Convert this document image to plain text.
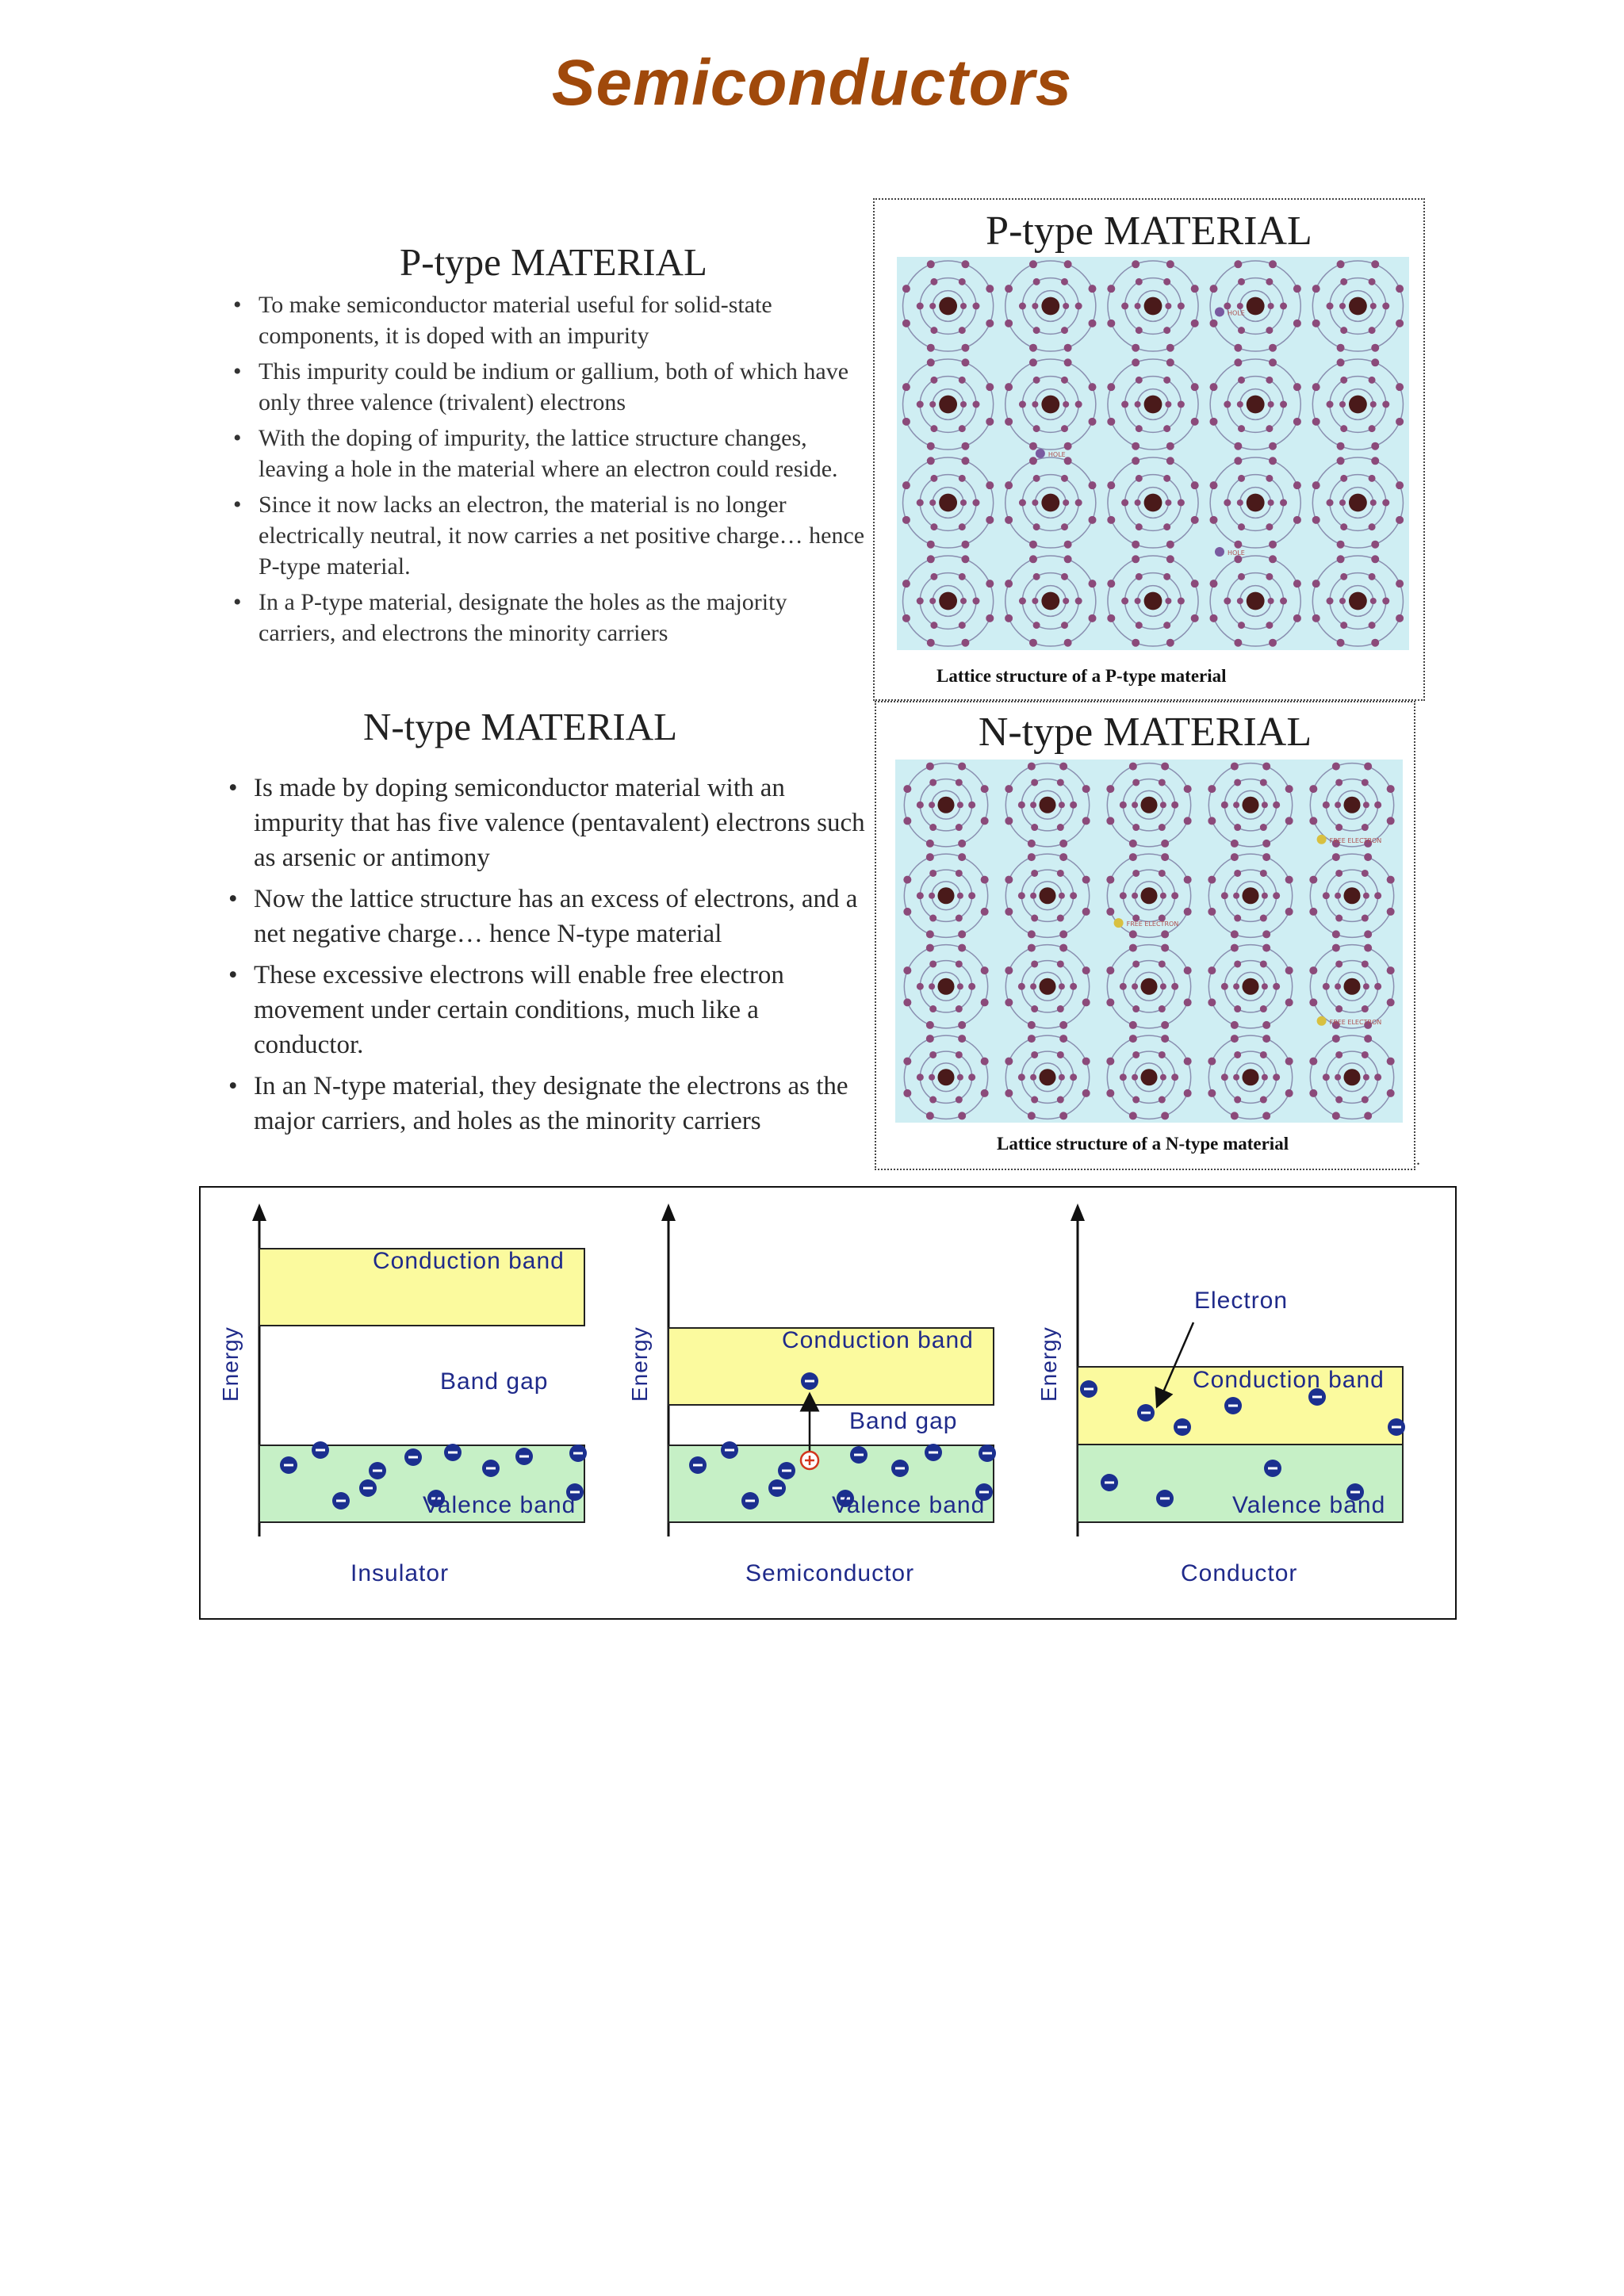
Semiconductors
P-type MATERIAL
• To make semiconductor material useful for solid-state components, it is doped with an impurity
• This impurity could be indium or gallium, both of which have only three valence (trivalent) electrons
• With the doping of impurity, the lattice structure changes, leaving a hole in the material where an electron could reside.
• Since it now lacks an electron, the material is no longer electrically neutral, it now carries a net positive charge… hence P-type material.
• In a P-type material, designate the holes as the majority carriers, and electrons the minority carriers
N-type MATERIAL
• Is made by doping semiconductor material with an impurity that has five valence (pentavalent) electrons such as arsenic or antimony
• Now the lattice structure has an excess of electrons, and a net negative charge… hence N-type material
• These excessive electrons will enable free electron movement under certain conditions, much like a conductor.
• In an N-type material, they designate the electrons as the major carriers, and holes as the minority carriers
P-type MATERIAL
HOLE
HOLE
HOLE
Lattice structure of a P-type material
N-type MATERIAL
FREE ELECTRON
FREE ELECTRON
FREE ELECTRON
Lattice structure of a N-type material
.
Energy
Conduction band
Band gap
Valence band
Insulator
Energy	Conduction band
Band gap
Valence band
Semiconductor
Energy
Electron
Conduction band
Valence band
Conductor
